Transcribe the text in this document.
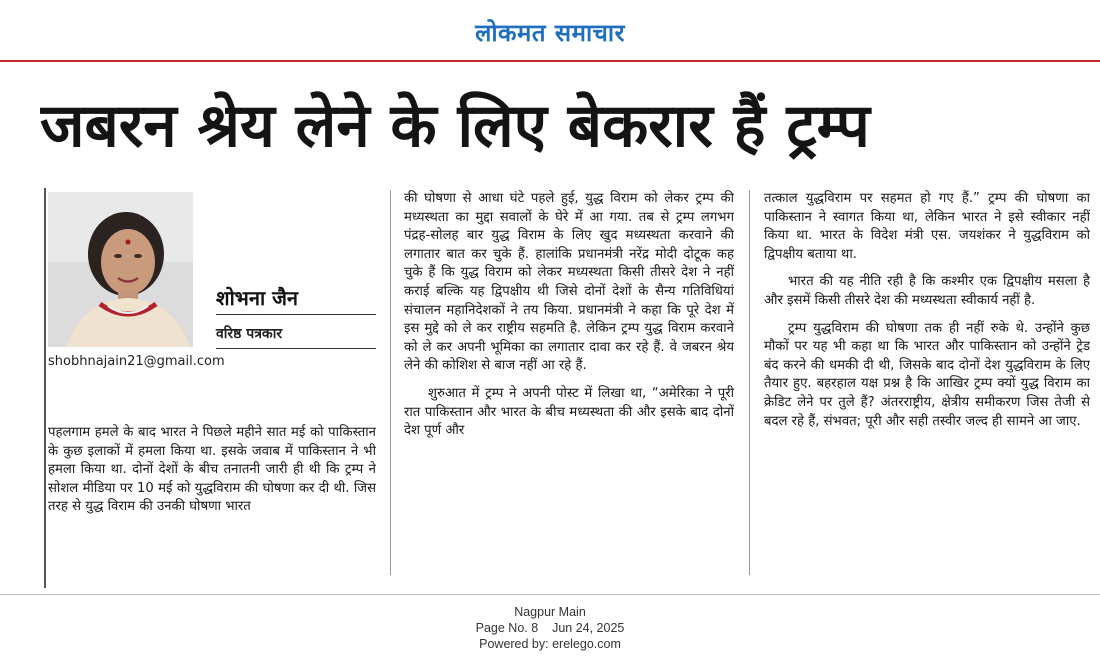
लोकमत समाचार
जबरन श्रेय लेने के लिए बेकरार हैं ट्रम्प
शोभना जैन
वरिष्ठ पत्रकार
shobhnajain21@gmail.com

पहलगाम हमले के बाद भारत ने पिछले महीने सात मई को पाकिस्तान के कुछ इलाकों में हमला किया था. इसके जवाब में पाकिस्तान ने भी हमला किया था. दोनों देशों के बीच तनातनी जारी ही थी कि ट्रम्प ने सोशल मीडिया पर 10 मई को युद्धविराम की घोषणा कर दी थी. जिस तरह से युद्ध विराम की उनकी घोषणा भारत

की घोषणा से आधा घंटे पहले हुई, युद्ध विराम को लेकर ट्रम्प की मध्यस्थता का मुद्दा सवालों के घेरे में आ गया. तब से ट्रम्प लगभग पंद्रह-सोलह बार युद्ध विराम के लिए खुद मध्यस्थता करवाने की लगातार बात कर चुके हैं. हालांकि प्रधानमंत्री नरेंद्र मोदी दोटूक कह चुके हैं कि युद्ध विराम को लेकर मध्यस्थता किसी तीसरे देश ने नहीं कराई बल्कि यह द्विपक्षीय थी जिसे दोनों देशों के सैन्य गतिविधियां संचालन महानिदेशकों ने तय किया. प्रधानमंत्री ने कहा कि पूरे देश में इस मुद्दे को ले कर राष्ट्रीय सहमति है. लेकिन ट्रम्प युद्ध विराम करवाने को ले कर अपनी भूमिका का लगातार दावा कर रहे हैं. वे जबरन श्रेय लेने की कोशिश से बाज नहीं आ रहे हैं.

शुरुआत में ट्रम्प ने अपनी पोस्ट में लिखा था, “अमेरिका ने पूरी रात पाकिस्तान और भारत के बीच मध्यस्थता की और इसके बाद दोनों देश पूर्ण और

तत्काल युद्धविराम पर सहमत हो गए हैं.” ट्रम्प की घोषणा का पाकिस्तान ने स्वागत किया था, लेकिन भारत ने इसे स्वीकार नहीं किया था. भारत के विदेश मंत्री एस. जयशंकर ने युद्धविराम को द्विपक्षीय बताया था.

भारत की यह नीति रही है कि कश्मीर एक द्विपक्षीय मसला है और इसमें किसी तीसरे देश की मध्यस्थता स्वीकार्य नहीं है.

ट्रम्प युद्धविराम की घोषणा तक ही नहीं रुके थे. उन्होंने कुछ मौकों पर यह भी कहा था कि भारत और पाकिस्तान को उन्होंने ट्रेड बंद करने की धमकी दी थी, जिसके बाद दोनों देश युद्धविराम के लिए तैयार हुए. बहरहाल यक्ष प्रश्न है कि आखिर ट्रम्प क्यों युद्ध विराम का क्रेडिट लेने पर तुले हैं? अंतरराष्ट्रीय, क्षेत्रीय समीकरण जिस तेजी से बदल रहे हैं, संभवत; पूरी और सही तस्वीर जल्द ही सामने आ जाए.

Nagpur Main
Page No. 8 Jun 24, 2025
Powered by: erelego.com
